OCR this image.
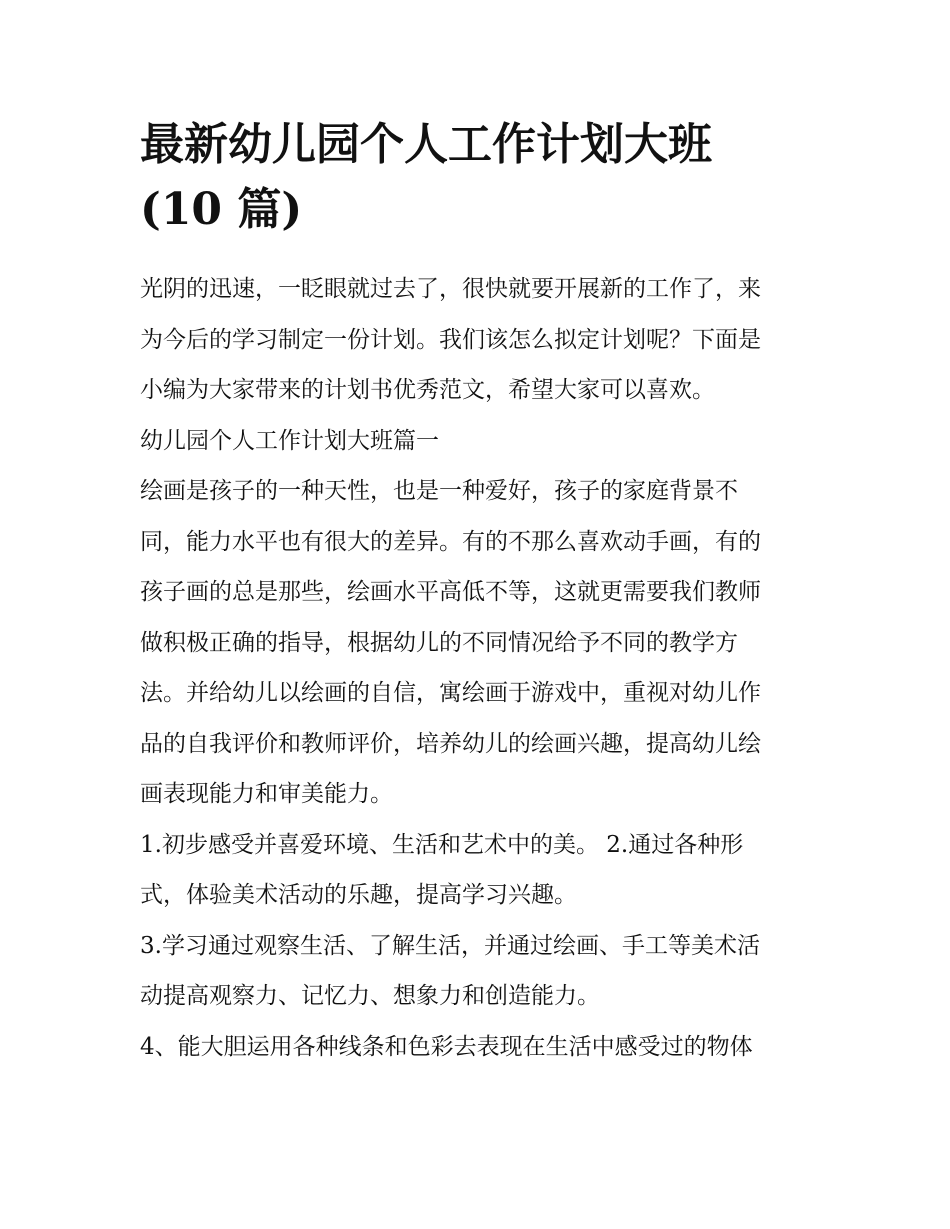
最新幼儿园个人工作计划大班
(10 篇)
光阴的迅速，一眨眼就过去了，很快就要开展新的工作了，来
为今后的学习制定一份计划。我们该怎么拟定计划呢？下面是
小编为大家带来的计划书优秀范文，希望大家可以喜欢。
幼儿园个人工作计划大班篇一
绘画是孩子的一种天性，也是一种爱好，孩子的家庭背景不
同，能力水平也有很大的差异。有的不那么喜欢动手画，有的
孩子画的总是那些，绘画水平高低不等，这就更需要我们教师
做积极正确的指导，根据幼儿的不同情况给予不同的教学方
法。并给幼儿以绘画的自信，寓绘画于游戏中，重视对幼儿作
品的自我评价和教师评价，培养幼儿的绘画兴趣，提高幼儿绘
画表现能力和审美能力。
1.初步感受并喜爱环境、生活和艺术中的美。 2.通过各种形
式，体验美术活动的乐趣，提高学习兴趣。
3.学习通过观察生活、了解生活，并通过绘画、手工等美术活
动提高观察力、记忆力、想象力和创造能力。
4、能大胆运用各种线条和色彩去表现在生活中感受过的物体
